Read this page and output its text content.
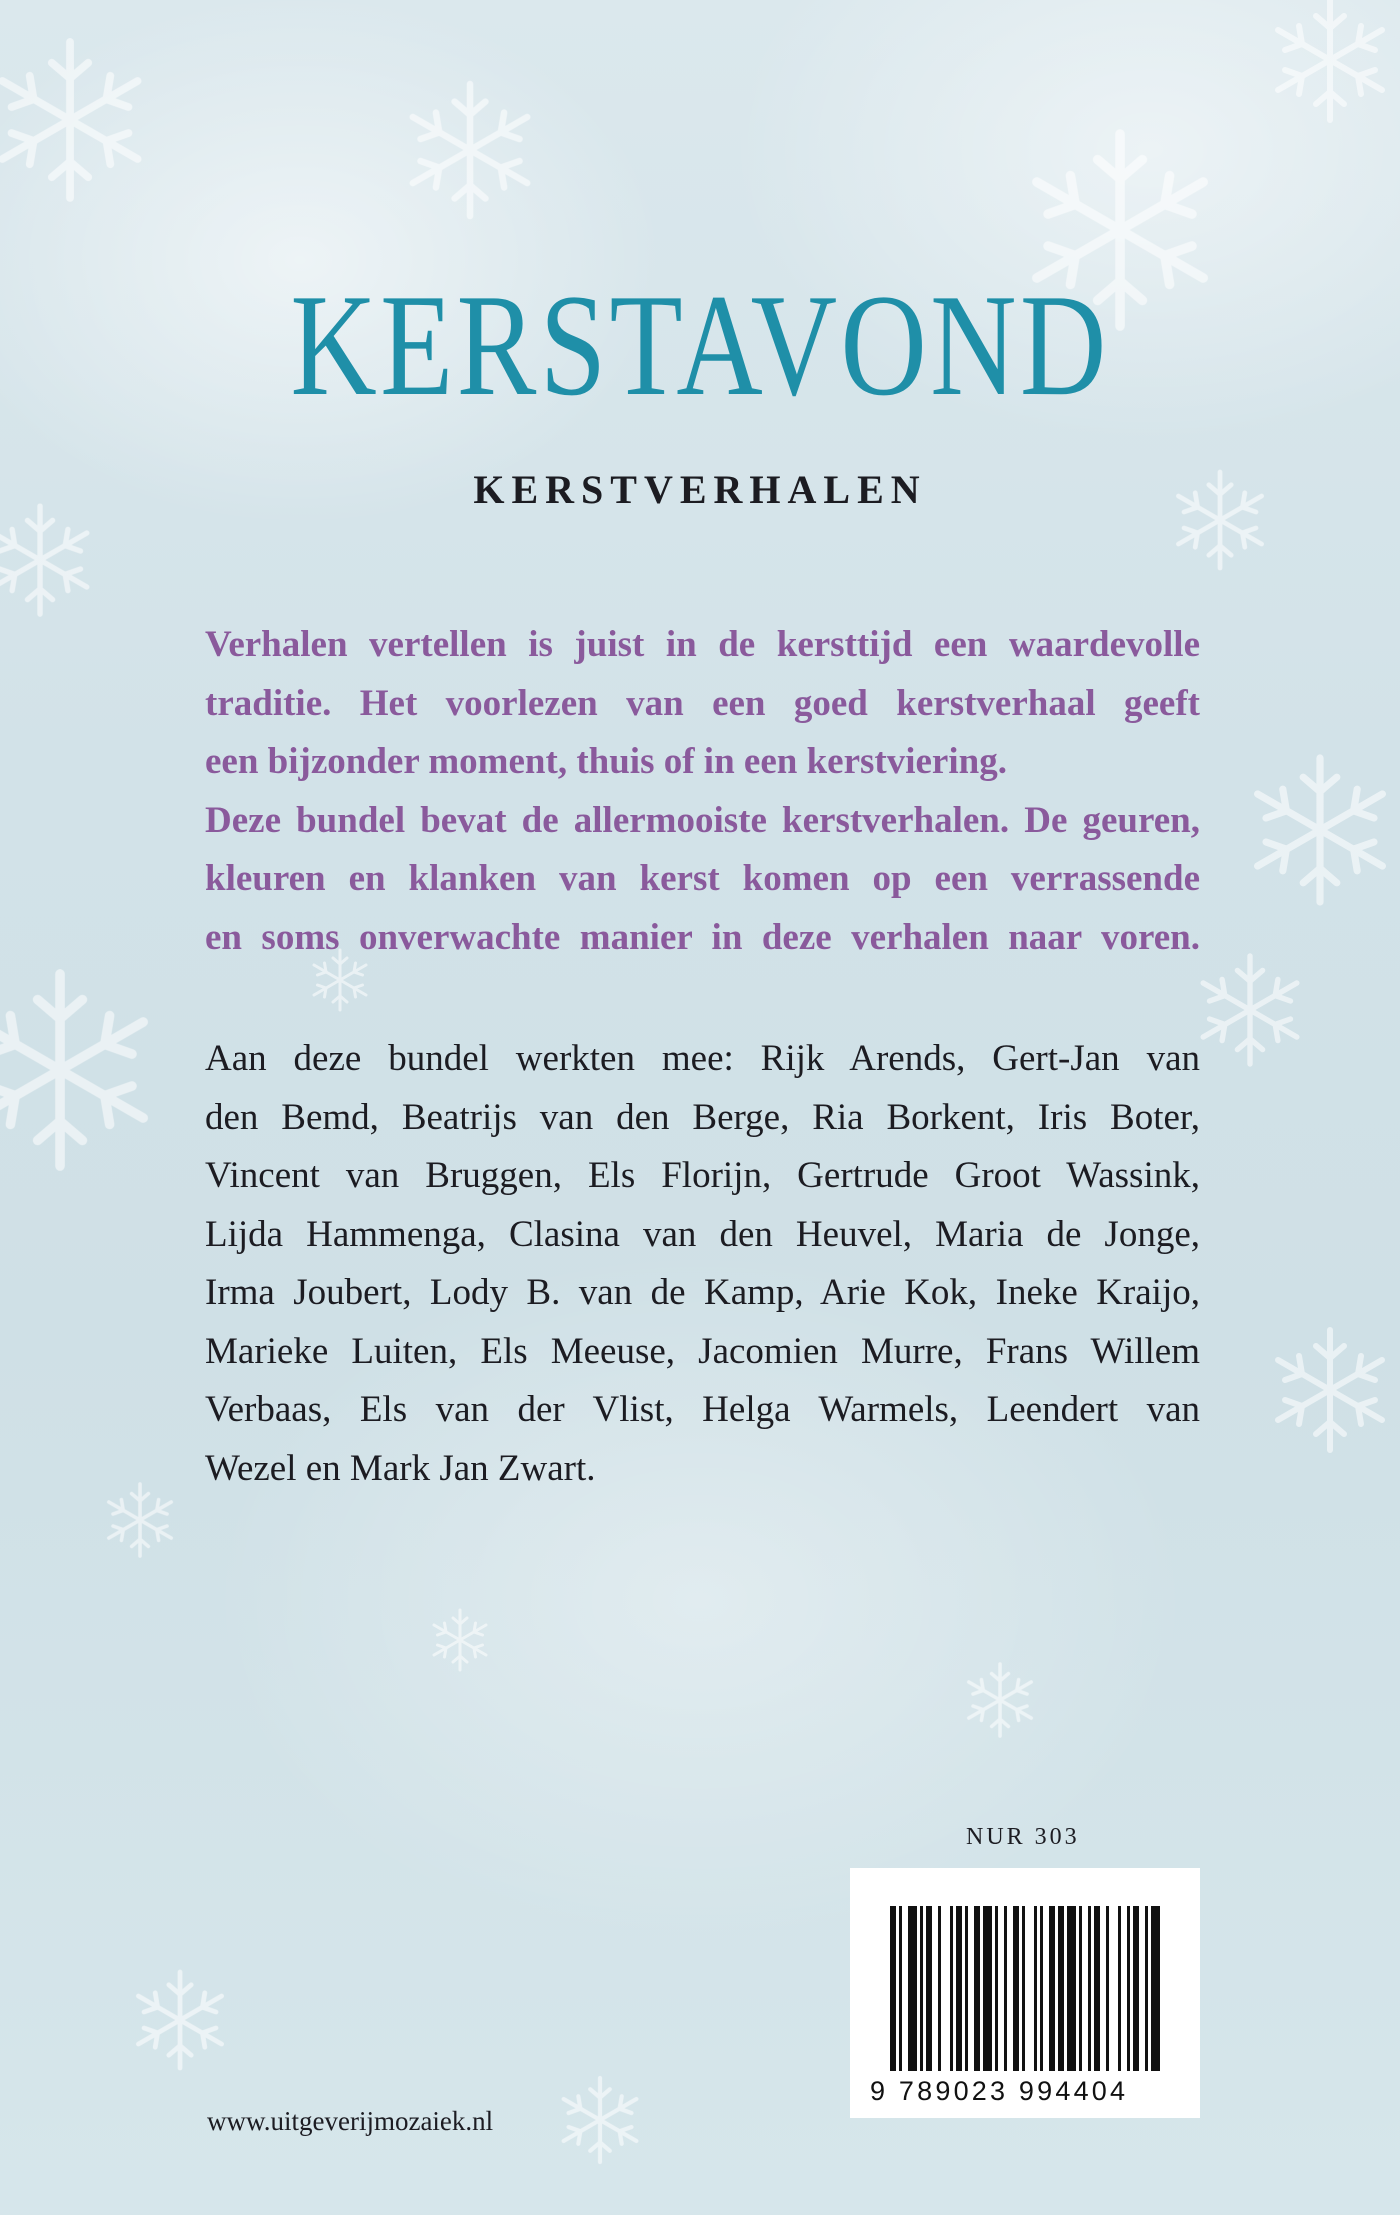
KERSTAVOND
KERSTVERHALEN

Verhalen vertellen is juist in de kersttijd een waardevolle

traditie. Het voorlezen van een goed kerstverhaal geeft

een bijzonder moment, thuis of in een kerstviering.

Deze bundel bevat de allermooiste kerstverhalen. De geuren,

kleuren en klanken van kerst komen op een verrassende

en soms onverwachte manier in deze verhalen naar voren.

Aan deze bundel werkten mee: Rijk Arends, Gert-Jan van
den Bemd, Beatrijs van den Berge, Ria Borkent, Iris Boter,
Vincent van Bruggen, Els Florijn, Gertrude Groot Wassink,
Lijda Hammenga, Clasina van den Heuvel, Maria de Jonge,
Irma Joubert, Lody B. van de Kamp, Arie Kok, Ineke Kraijo,
Marieke Luiten, Els Meeuse, Jacomien Murre, Frans Willem
Verbaas, Els van der Vlist, Helga Warmels, Leendert van
Wezel en Mark Jan Zwart.
NUR 303
9 789023 994404
www.uitgeverijmozaiek.nl
